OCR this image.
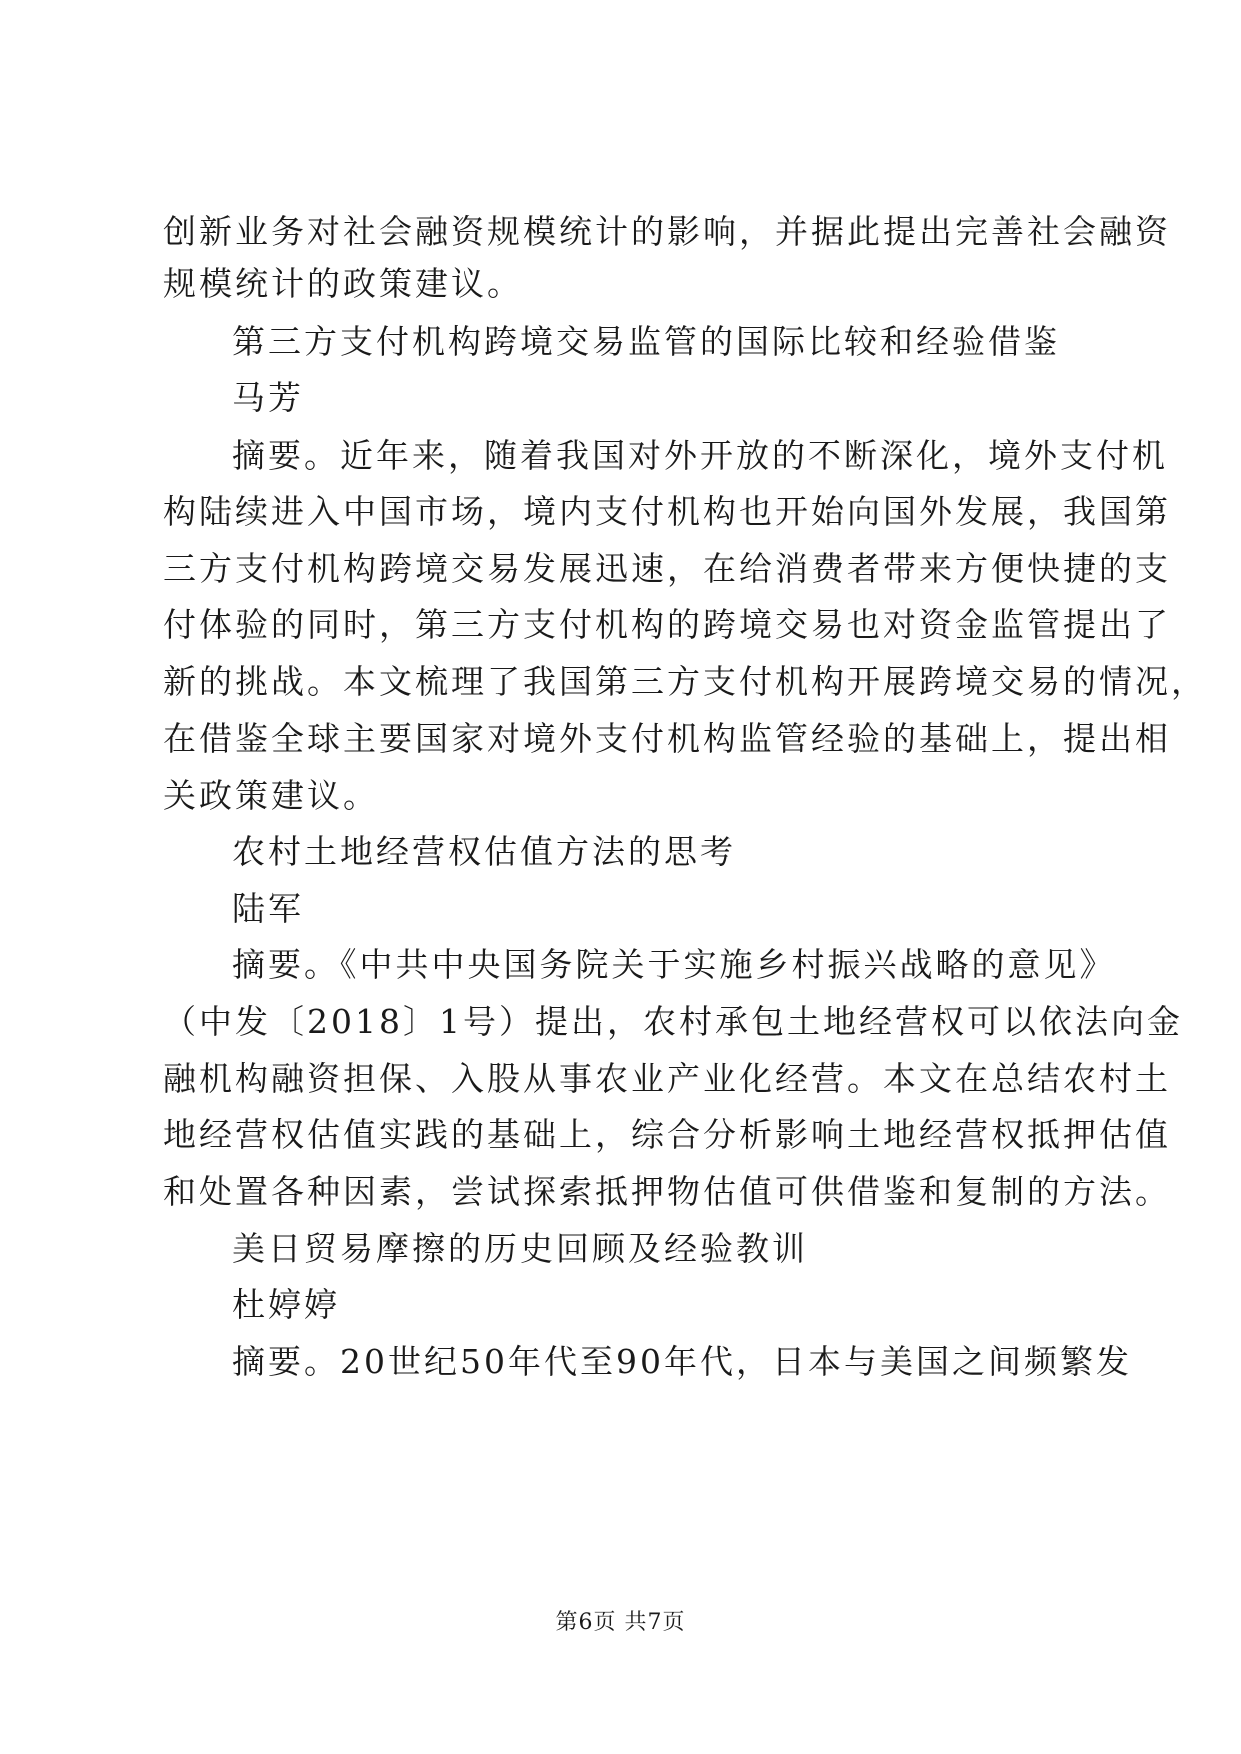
创新业务对社会融资规模统计的影响，并据此提出完善社会融资
规模统计的政策建议。
第三方支付机构跨境交易监管的国际比较和经验借鉴
马芳
摘要。近年来，随着我国对外开放的不断深化，境外支付机
构陆续进入中国市场，境内支付机构也开始向国外发展，我国第
三方支付机构跨境交易发展迅速，在给消费者带来方便快捷的支
付体验的同时，第三方支付机构的跨境交易也对资金监管提出了
新的挑战。本文梳理了我国第三方支付机构开展跨境交易的情况，
在借鉴全球主要国家对境外支付机构监管经验的基础上，提出相
关政策建议。
农村土地经营权估值方法的思考
陆军
摘要。《中共中央国务院关于实施乡村振兴战略的意见》
（中发〔2018〕1号）提出，农村承包土地经营权可以依法向金
融机构融资担保、入股从事农业产业化经营。本文在总结农村土
地经营权估值实践的基础上，综合分析影响土地经营权抵押估值
和处置各种因素，尝试探索抵押物估值可供借鉴和复制的方法。
美日贸易摩擦的历史回顾及经验教训
杜婷婷
摘要。20世纪50年代至90年代，日本与美国之间频繁发
第6页 共7页
